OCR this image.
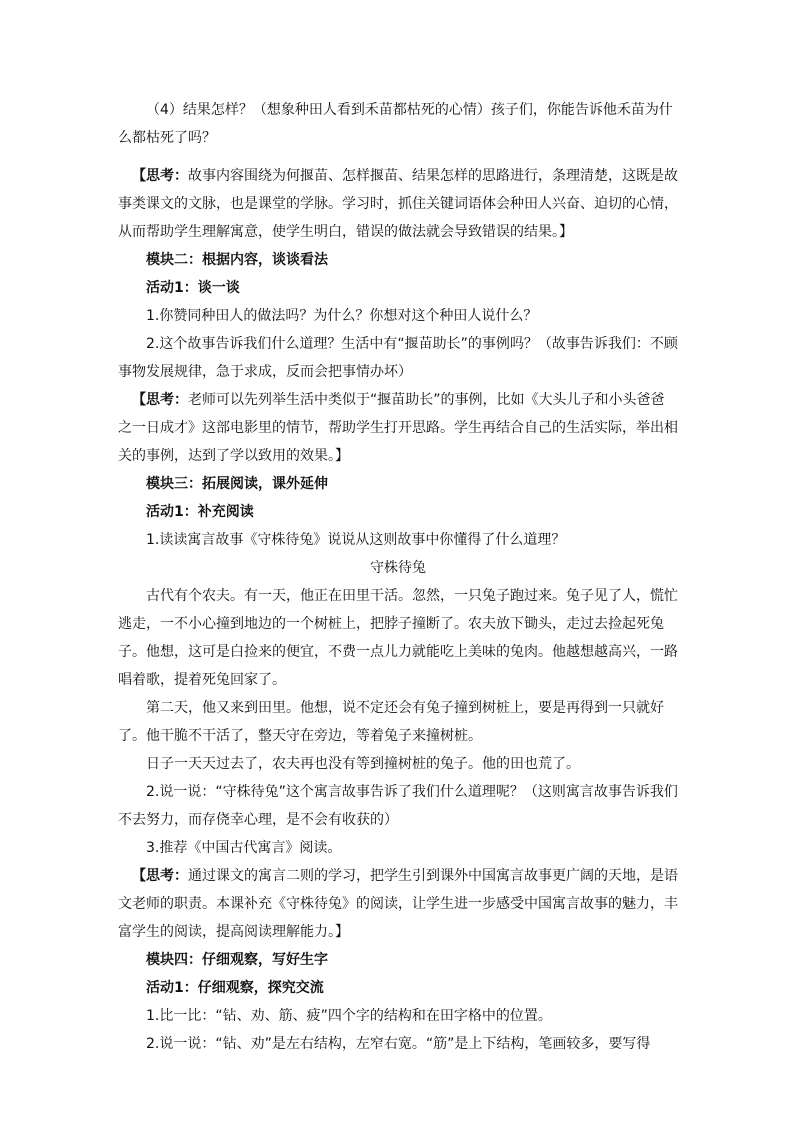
（4）结果怎样？（想象种田人看到禾苗都枯死的心情）孩子们，你能告诉他禾苗为什么都枯死了吗？

【思考：故事内容围绕为何揠苗、怎样揠苗、结果怎样的思路进行，条理清楚，这既是故事类课文的文脉，也是课堂的学脉。学习时，抓住关键词语体会种田人兴奋、迫切的心情，从而帮助学生理解寓意，使学生明白，错误的做法就会导致错误的结果。】

模块二：根据内容，谈谈看法

活动1：谈一谈

1.你赞同种田人的做法吗？为什么？你想对这个种田人说什么？

2.这个故事告诉我们什么道理？生活中有“揠苗助长”的事例吗？（故事告诉我们：不顾事物发展规律，急于求成，反而会把事情办坏）

【思考：老师可以先列举生活中类似于“揠苗助长”的事例，比如《大头儿子和小头爸爸之一日成才》这部电影里的情节，帮助学生打开思路。学生再结合自己的生活实际，举出相关的事例，达到了学以致用的效果。】

模块三：拓展阅读，课外延伸

活动1：补充阅读

1.读读寓言故事《守株待兔》说说从这则故事中你懂得了什么道理？

守株待兔

古代有个农夫。有一天，他正在田里干活。忽然，一只兔子跑过来。兔子见了人，慌忙逃走，一不小心撞到地边的一个树桩上，把脖子撞断了。农夫放下锄头，走过去捡起死兔子。他想，这可是白捡来的便宜，不费一点儿力就能吃上美味的兔肉。他越想越高兴，一路唱着歌，提着死兔回家了。

第二天，他又来到田里。他想，说不定还会有兔子撞到树桩上，要是再得到一只就好了。他干脆不干活了，整天守在旁边，等着兔子来撞树桩。

日子一天天过去了，农夫再也没有等到撞树桩的兔子。他的田也荒了。

2.说一说：“守株待兔”这个寓言故事告诉了我们什么道理呢？（这则寓言故事告诉我们不去努力，而存侥幸心理，是不会有收获的）

3.推荐《中国古代寓言》阅读。

【思考：通过课文的寓言二则的学习，把学生引到课外中国寓言故事更广阔的天地，是语文老师的职责。本课补充《守株待兔》的阅读，让学生进一步感受中国寓言故事的魅力，丰富学生的阅读，提高阅读理解能力。】

模块四：仔细观察，写好生字

活动1：仔细观察，探究交流

1.比一比：“钻、劝、筋、疲”四个字的结构和在田字格中的位置。

2.说一说：“钻、劝”是左右结构，左窄右宽。“筋”是上下结构，笔画较多，要写得
